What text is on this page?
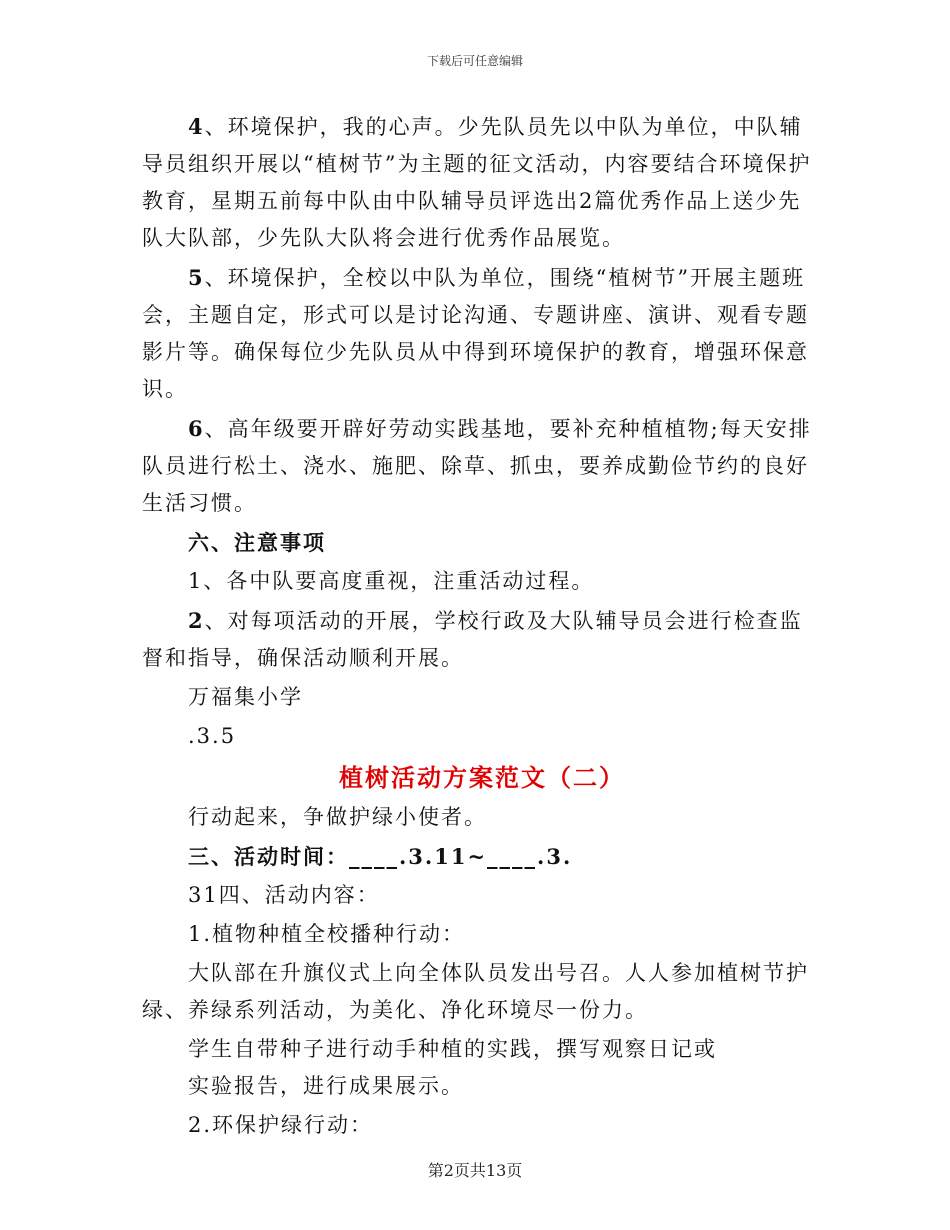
下载后可任意编辑

4、环境保护，我的心声。少先队员先以中队为单位，中队辅导员组织开展以“植树节”为主题的征文活动，内容要结合环境保护教育，星期五前每中队由中队辅导员评选出2篇优秀作品上送少先队大队部，少先队大队将会进行优秀作品展览。

5、环境保护，全校以中队为单位，围绕“植树节”开展主题班会，主题自定，形式可以是讨论沟通、专题讲座、演讲、观看专题影片等。确保每位少先队员从中得到环境保护的教育，增强环保意识。

6、高年级要开辟好劳动实践基地，要补充种植植物;每天安排队员进行松土、浇水、施肥、除草、抓虫，要养成勤俭节约的良好生活习惯。

六、注意事项

1、各中队要高度重视，注重活动过程。

2、对每项活动的开展，学校行政及大队辅导员会进行检查监督和指导，确保活动顺利开展。

万福集小学

.3.5

植树活动方案范文（二）

行动起来，争做护绿小使者。

三、活动时间：____.3.11~____.3.

31四、活动内容：

1.植物种植全校播种行动：

大队部在升旗仪式上向全体队员发出号召。人人参加植树节护绿、养绿系列活动，为美化、净化环境尽一份力。

学生自带种子进行动手种植的实践，撰写观察日记或

实验报告，进行成果展示。

2.环保护绿行动：

第2页共13页
